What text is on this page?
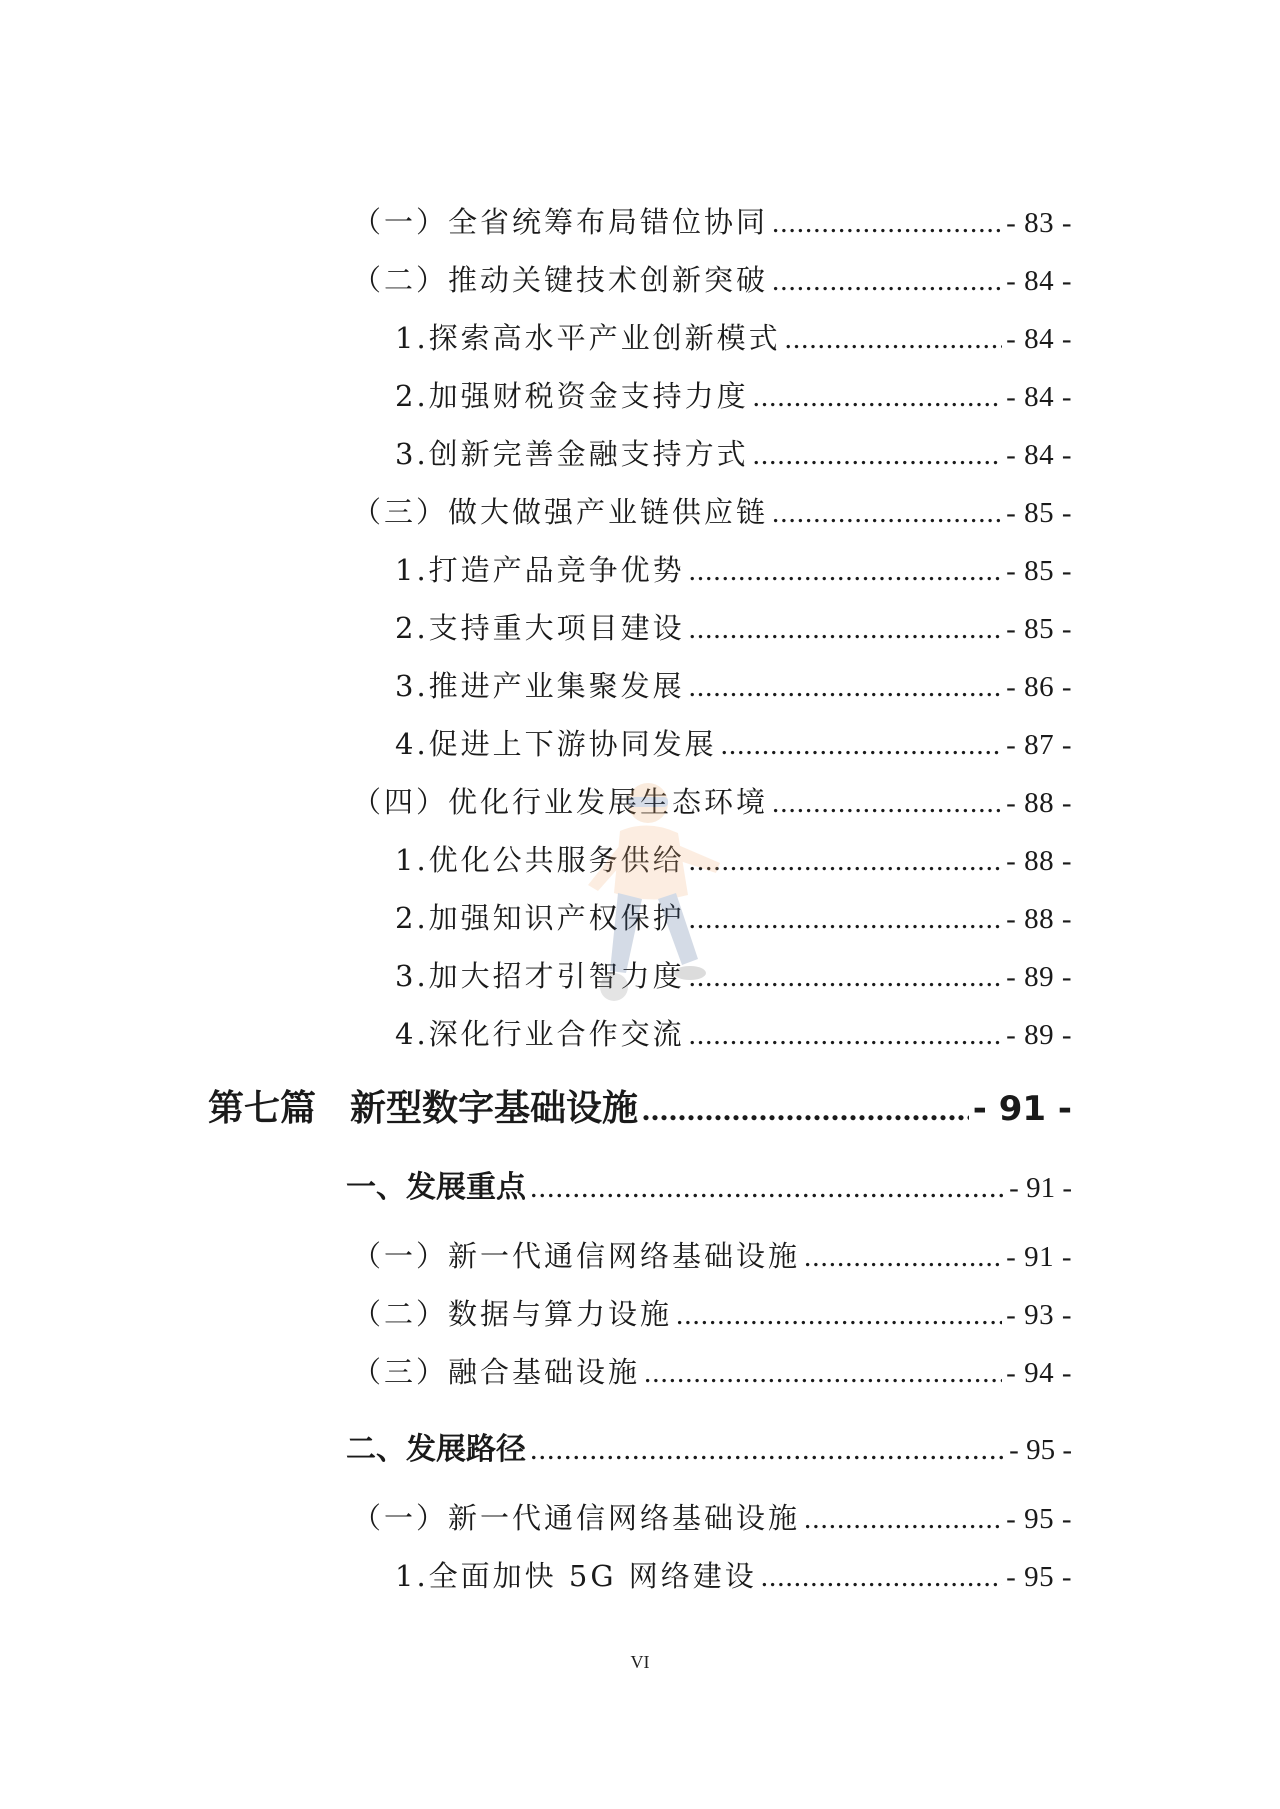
（一）全省统筹布局错位协同 .....	- 83 -
（二）推动关键技术创新突破 .....	- 84 -
1.探索高水平产业创新模式 .....	- 84 -
2.加强财税资金支持力度 .....	- 84 -
3.创新完善金融支持方式 .....	- 84 -
（三）做大做强产业链供应链 .....	- 85 -
1.打造产品竞争优势 .....	- 85 -
2.支持重大项目建设 .....	- 85 -
3.推进产业集聚发展 .....	- 86 -
4.促进上下游协同发展 .....	- 87 -
（四）优化行业发展生态环境 .....	- 88 -
1.优化公共服务供给 .....	- 88 -
2.加强知识产权保护 .....	- 88 -
3.加大招才引智力度 .....	- 89 -
4.深化行业合作交流 .....	- 89 -
第七篇 新型数字基础设施 .....	- 91 -
一、发展重点 .....	- 91 -
（一）新一代通信网络基础设施 .....	- 91 -
（二）数据与算力设施 .....	- 93 -
（三）融合基础设施 .....	- 94 -
二、发展路径 .....	- 95 -
（一）新一代通信网络基础设施 .....	- 95 -
1.全面加快 5G 网络建设 .....	- 95 -
VI
